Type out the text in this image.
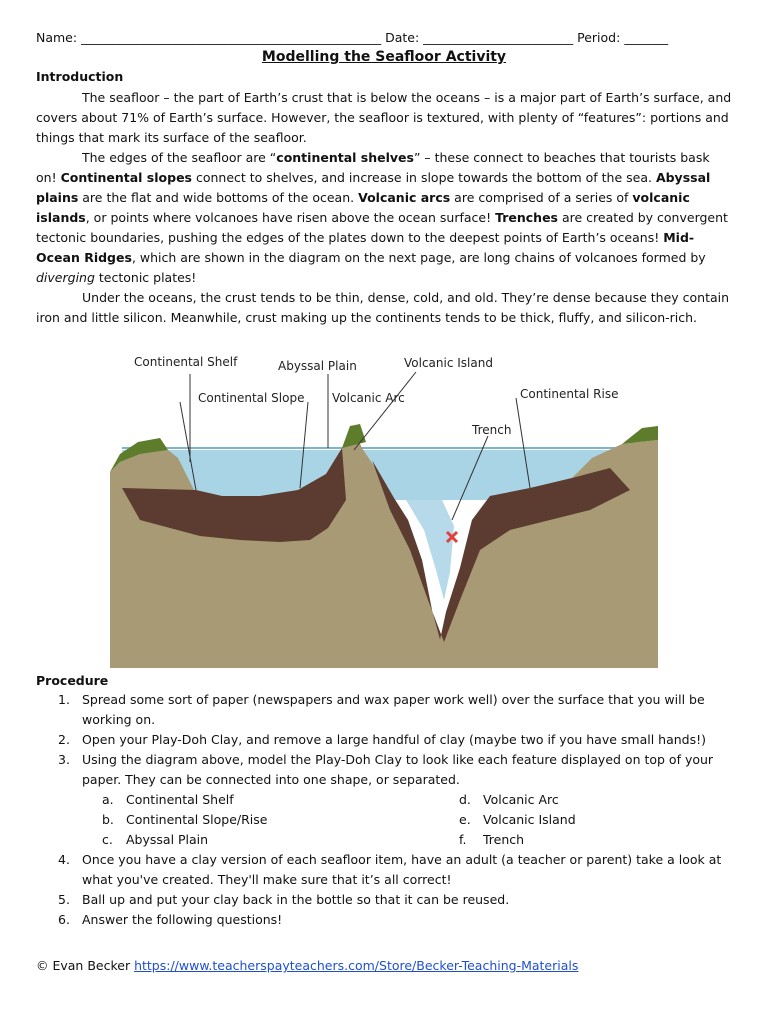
Name: ________________________________________________ Date: ________________________ Period: _______
Modelling the Seafloor Activity
Introduction

The seafloor – the part of Earth’s crust that is below the oceans – is a major part of Earth’s surface, and covers about 71% of Earth’s surface. However, the seafloor is textured, with plenty of “features”: portions and things that mark its surface of the seafloor.

The edges of the seafloor are “continental shelves” – these connect to beaches that tourists bask on! Continental slopes connect to shelves, and increase in slope towards the bottom of the sea. Abyssal plains are the flat and wide bottoms of the ocean. Volcanic arcs are comprised of a series of volcanic islands, or points where volcanoes have risen above the ocean surface! Trenches are created by convergent tectonic boundaries, pushing the edges of the plates down to the deepest points of Earth’s oceans! Mid-Ocean Ridges, which are shown in the diagram on the next page, are long chains of volcanoes formed by diverging tectonic plates!

Under the oceans, the crust tends to be thin, dense, cold, and old. They’re dense because they contain iron and little silicon. Meanwhile, crust making up the continents tends to be thick, fluffy, and silicon-rich.

Continental Shelf	Abyssal Plain	Volcanic Island
Continental Slope Volcanic Arc	Continental Rise
Trench
Procedure
1. Spread some sort of paper (newspapers and wax paper work well) over the surface that you will be working on.
2. Open your Play-Doh Clay, and remove a large handful of clay (maybe two if you have small hands!)
3. Using the diagram above, model the Play-Doh Clay to look like each feature displayed on top of your paper. They can be connected into one shape, or separated.
a. Continental Shelf	d. Volcanic Arc
b. Continental Slope/Rise	e. Volcanic Island
c.	Abyssal Plain	f.	Trench
4. Once you have a clay version of each seafloor item, have an adult (a teacher or parent) take a look at what you've created. They'll make sure that it’s all correct!
5. Ball up and put your clay back in the bottle so that it can be reused.
6. Answer the following questions!
© Evan Becker https://www.teacherspayteachers.com/Store/Becker-Teaching-Materials
